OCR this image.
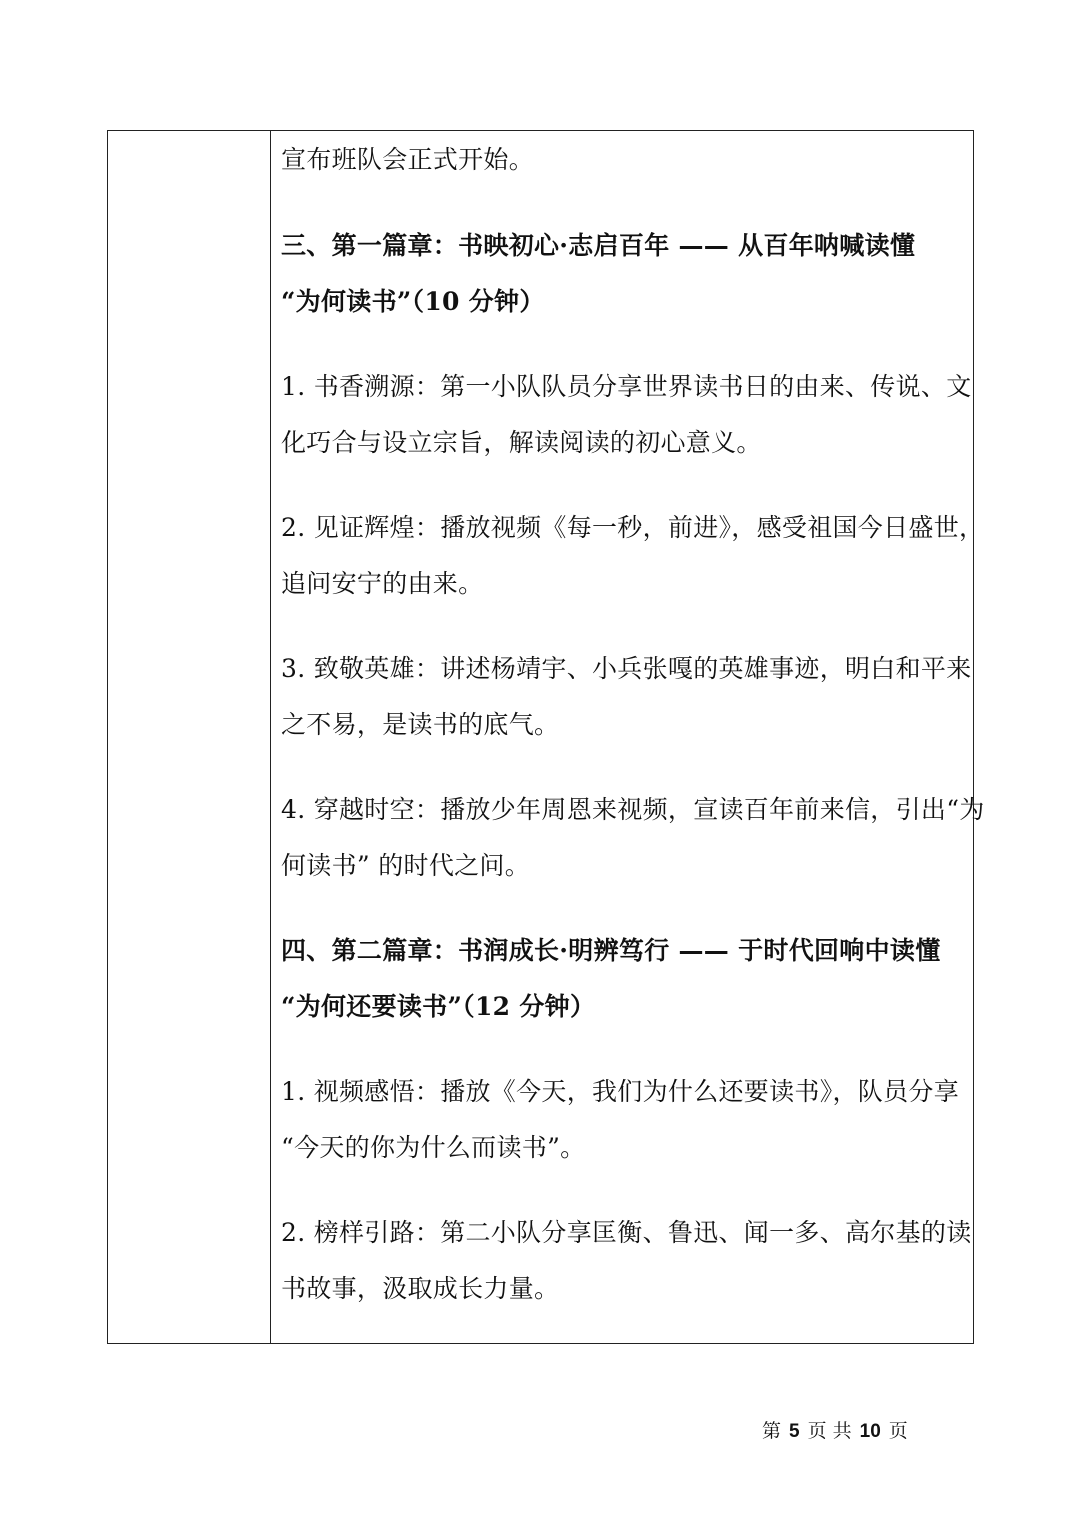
宣布班队会正式开始。
三、第一篇章：书映初心·志启百年 —— 从百年呐喊读懂
“为何读书”（10 分钟）
1. 书香溯源：第一小队队员分享世界读书日的由来、传说、文
化巧合与设立宗旨，解读阅读的初心意义。
2. 见证辉煌：播放视频《每一秒，前进》，感受祖国今日盛世，
追问安宁的由来。
3. 致敬英雄：讲述杨靖宇、小兵张嘎的英雄事迹，明白和平来
之不易，是读书的底气。
4. 穿越时空：播放少年周恩来视频，宣读百年前来信，引出“为
何读书” 的时代之问。
四、第二篇章：书润成长·明辨笃行 —— 于时代回响中读懂
“为何还要读书”（12 分钟）
1. 视频感悟：播放《今天，我们为什么还要读书》，队员分享
“今天的你为什么而读书”。
2. 榜样引路：第二小队分享匡衡、鲁迅、闻一多、高尔基的读
书故事，汲取成长力量。
第 5 页 共 10 页
